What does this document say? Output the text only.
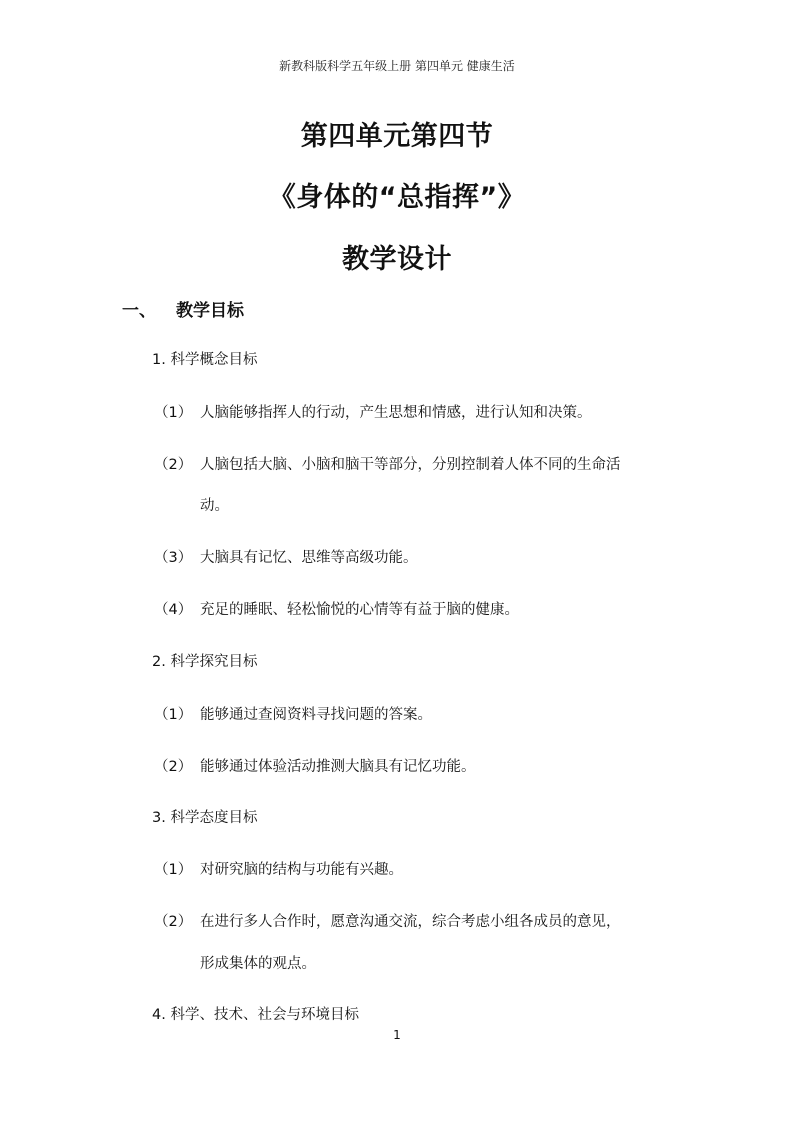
新教科版科学五年级上册 第四单元 健康生活
第四单元第四节
《身体的“总指挥”》
教学设计
一、 教学目标
1. 科学概念目标
（1） 人脑能够指挥人的行动，产生思想和情感，进行认知和决策。
（2） 人脑包括大脑、小脑和脑干等部分，分别控制着人体不同的生命活
动。
（3） 大脑具有记忆、思维等高级功能。
（4） 充足的睡眠、轻松愉悦的心情等有益于脑的健康。
2. 科学探究目标
（1） 能够通过查阅资料寻找问题的答案。
（2） 能够通过体验活动推测大脑具有记忆功能。
3. 科学态度目标
（1） 对研究脑的结构与功能有兴趣。
（2） 在进行多人合作时，愿意沟通交流，综合考虑小组各成员的意见，
形成集体的观点。
4. 科学、技术、社会与环境目标
1
